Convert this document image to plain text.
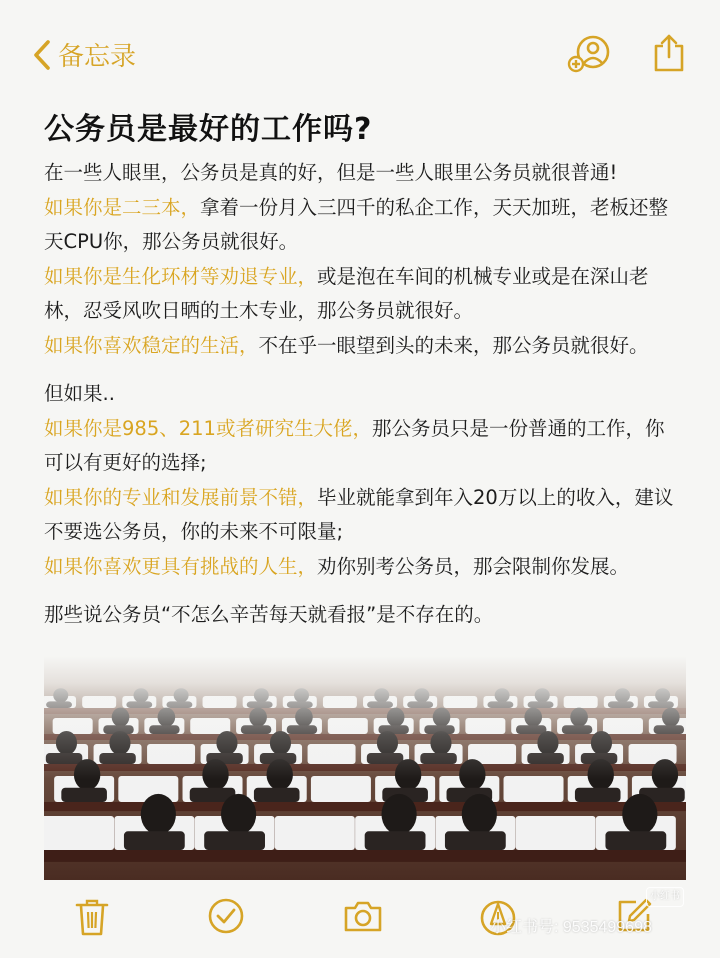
备忘录
公务员是最好的工作吗?
在一些人眼里，公务员是真的好，但是一些人眼里公务员就很普通!
如果你是二三本，拿着一份月入三四千的私企工作，天天加班，老板还整天CPU你，那公务员就很好。
如果你是生化环材等劝退专业，或是泡在车间的机械专业或是在深山老林，忍受风吹日晒的土木专业，那公务员就很好。
如果你喜欢稳定的生活，不在乎一眼望到头的未来，那公务员就很好。
但如果..
如果你是985、211或者研究生大佬，那公务员只是一份普通的工作，你可以有更好的选择;
如果你的专业和发展前景不错，毕业就能拿到年入20万以上的收入，建议不要选公务员，你的未来不可限量;
如果你喜欢更具有挑战的人生，劝你别考公务员，那会限制你发展。
那些说公务员“不怎么辛苦每天就看报”是不存在的。
小红书
小红书号: 9535499698
